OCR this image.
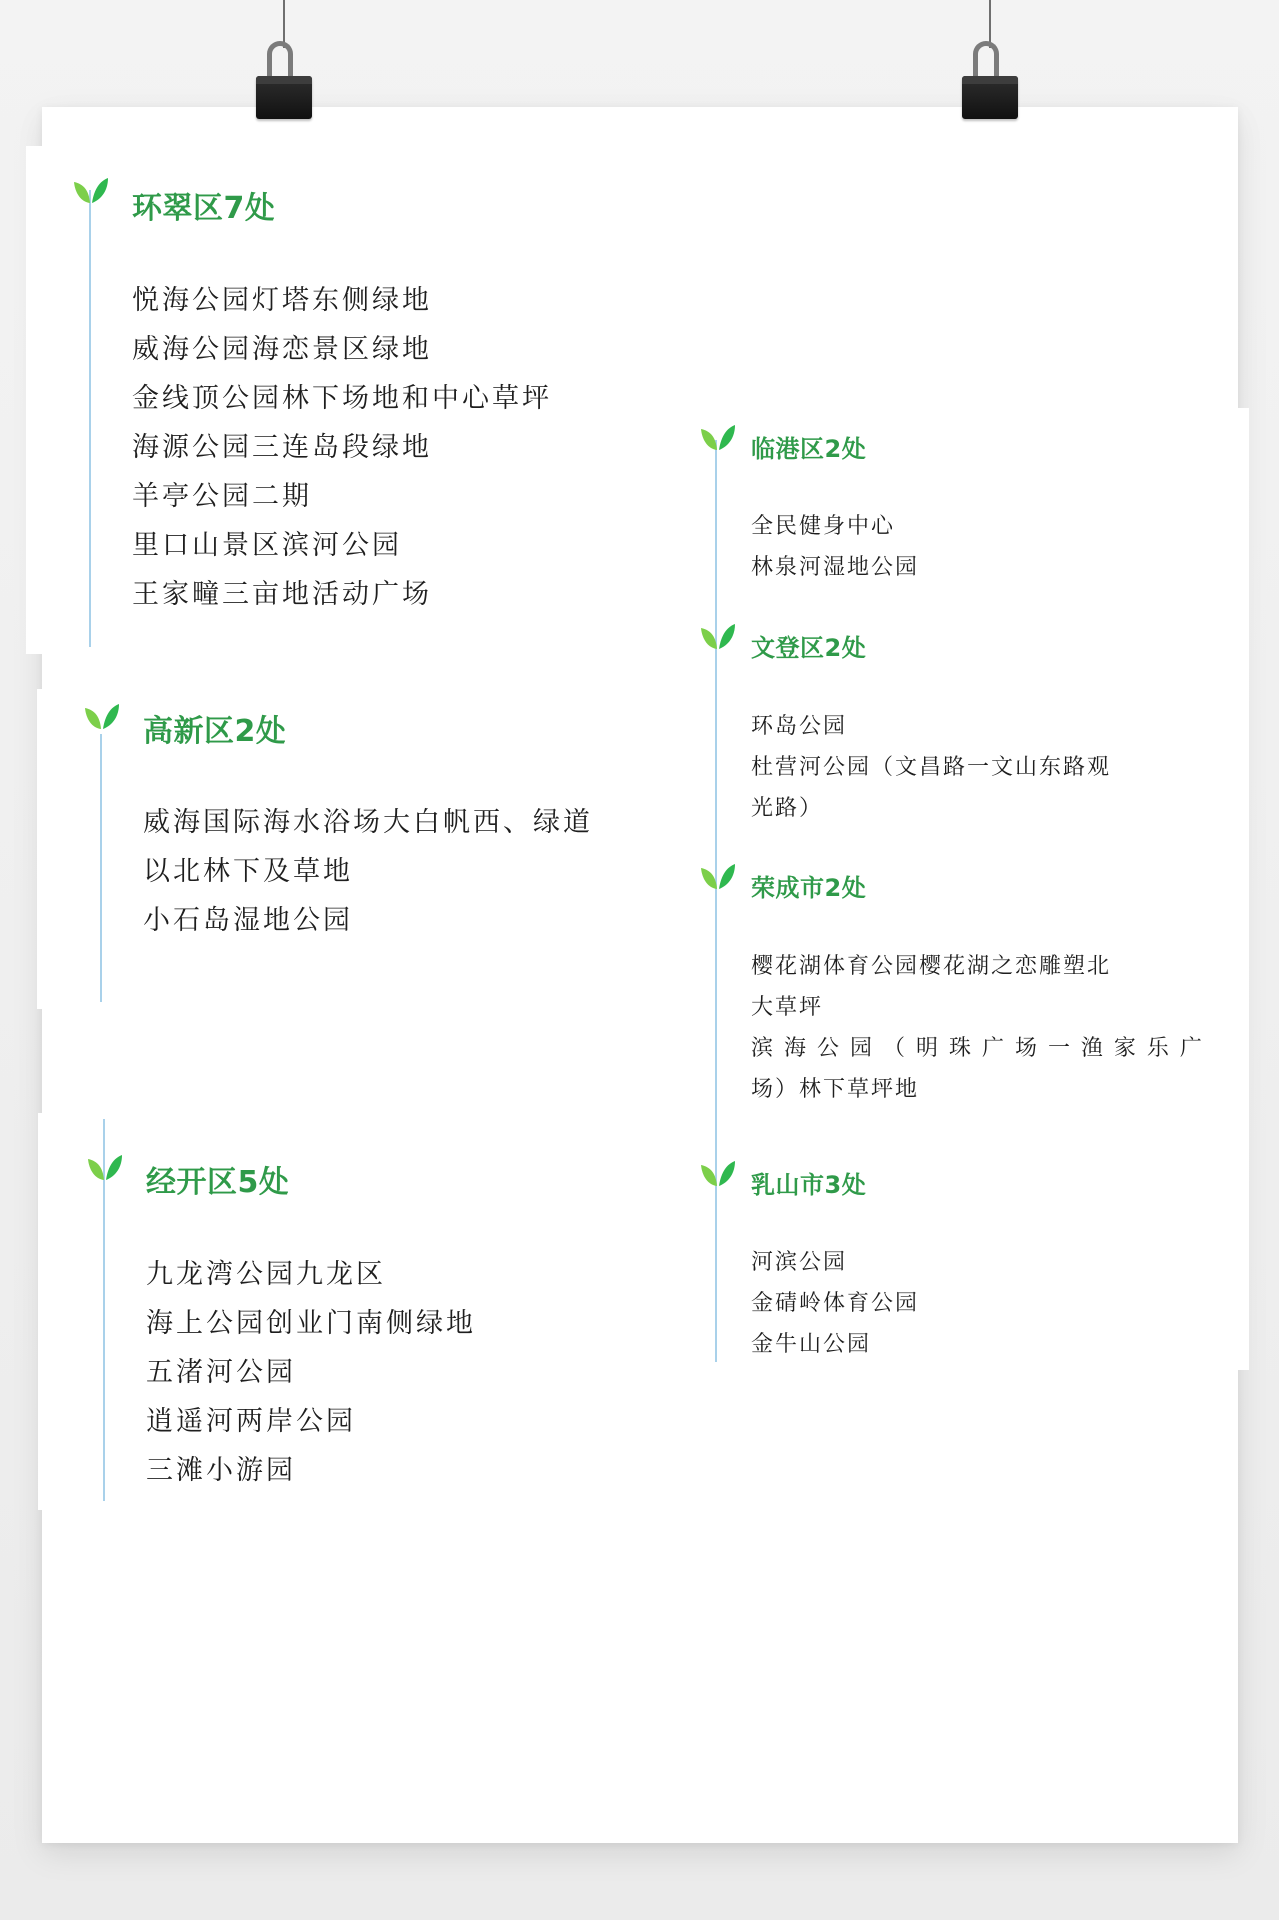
环翠区7处
悦海公园灯塔东侧绿地
威海公园海恋景区绿地
金线顶公园林下场地和中心草坪
海源公园三连岛段绿地
羊亭公园二期
里口山景区滨河公园
王家疃三亩地活动广场
高新区2处
威海国际海水浴场大白帆西、绿道
以北林下及草地
小石岛湿地公园
经开区5处
九龙湾公园九龙区
海上公园创业门南侧绿地
五渚河公园
逍遥河两岸公园
三滩小游园
临港区2处
全民健身中心
林泉河湿地公园
文登区2处
环岛公园
杜营河公园（文昌路一文山东路观
光路）
荣成市2处
樱花湖体育公园樱花湖之恋雕塑北
大草坪
滨 海 公 园 （ 明 珠 广 场 一 渔 家 乐 广
场）林下草坪地
乳山市3处
河滨公园
金碃岭体育公园
金牛山公园
